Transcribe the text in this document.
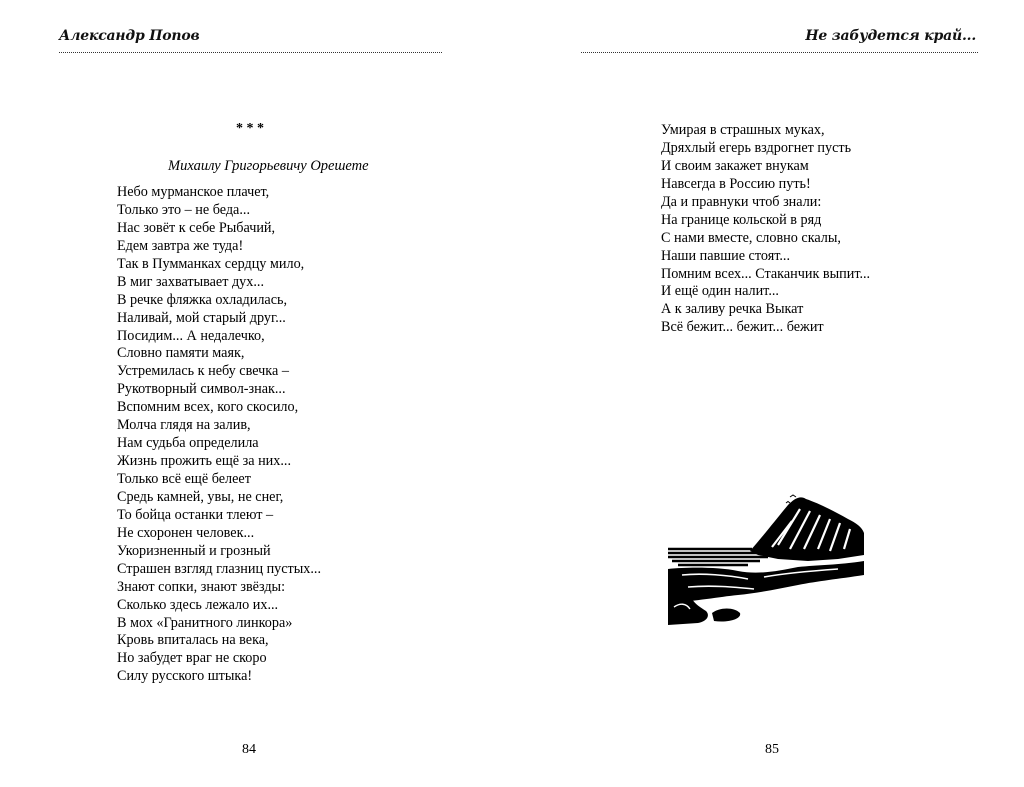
Александр Попов
* * *
Михаилу Григорьевичу Орешете
Небо мурманское плачет,
Только это – не беда...
Нас зовёт к себе Рыбачий,
Едем завтра же туда!
Так в Пумманках сердцу мило,
В миг захватывает дух...
В речке фляжка охладилась,
Наливай, мой старый друг...
Посидим... А недалечко,
Словно памяти маяк,
Устремилась к небу свечка –
Рукотворный символ-знак...
Вспомним всех, кого скосило,
Молча глядя на залив,
Нам судьба определила
Жизнь прожить ещё за них...
Только всё ещё белеет
Средь камней, увы, не снег,
То бойца останки тлеют –
Не схоронен человек...
Укоризненный и грозный
Страшен взгляд глазниц пустых...
Знают сопки, знают звёзды:
Сколько здесь лежало их...
В мох «Гранитного линкора»
Кровь впиталась на века,
Но забудет враг не скоро
Силу русского штыка!
84
Не забудется край...
Умирая в страшных муках,
Дряхлый егерь вздрогнет пусть
И своим закажет внукам
Навсегда в Россию путь!
Да и правнуки чтоб знали:
На границе кольской в ряд
С нами вместе, словно скалы,
Наши павшие стоят...
Помним всех... Стаканчик выпит...
И ещё один налит...
А к заливу речка Выкат
Всё бежит... бежит... бежит
85
